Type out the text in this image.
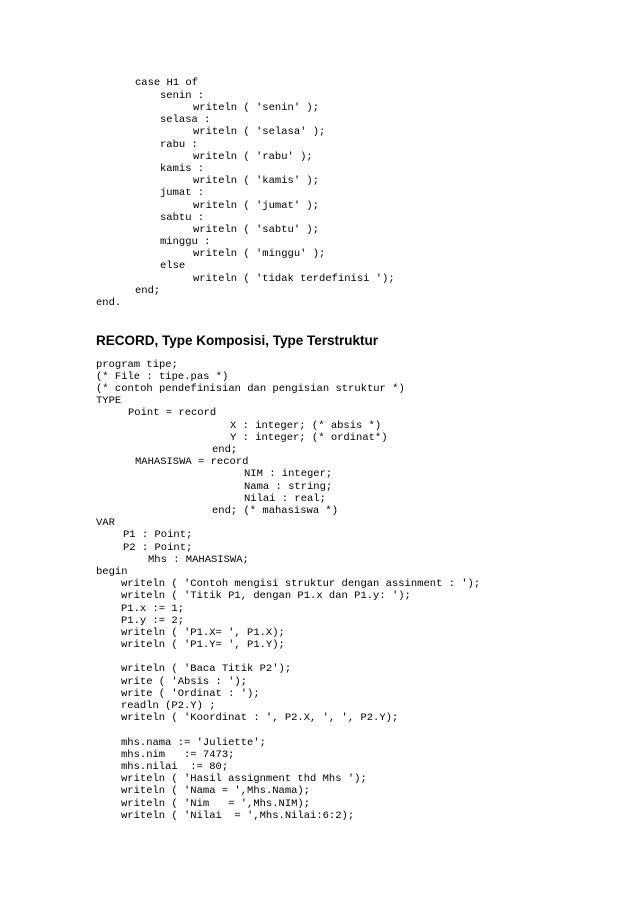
case H1 of
senin :
writeln ( 'senin' );
selasa :
writeln ( 'selasa' );
rabu :
writeln ( 'rabu' );
kamis :
writeln ( 'kamis' );
jumat :
writeln ( 'jumat' );
sabtu :
writeln ( 'sabtu' );
minggu :
writeln ( 'minggu' );
else
writeln ( 'tidak terdefinisi ');
end;
end.
RECORD, Type Komposisi, Type Terstruktur
program tipe;
(* File : tipe.pas *)
(* contoh pendefinisian dan pengisian struktur *)
TYPE
Point = record
X : integer; (* absis *)
Y : integer; (* ordinat*)
end;
MAHASISWA = record
NIM : integer;
Nama : string;
Nilai : real;
end; (* mahasiswa *)
VAR
P1 : Point;
P2 : Point;
Mhs : MAHASISWA;
begin
writeln ( 'Contoh mengisi struktur dengan assinment : ');
writeln ( 'Titik P1, dengan P1.x dan P1.y: ');
P1.x := 1;
P1.y := 2;
writeln ( 'P1.X= ', P1.X);
writeln ( 'P1.Y= ', P1.Y);
writeln ( 'Baca Titik P2');
write ( 'Absis : ');
write ( 'Ordinat : ');
readln (P2.Y) ;
writeln ( 'Koordinat : ', P2.X, ', ', P2.Y);
mhs.nama := 'Juliette';
mhs.nim   := 7473;
mhs.nilai  := 80;
writeln ( 'Hasil assignment thd Mhs ');
writeln ( 'Nama = ',Mhs.Nama);
writeln ( 'Nim   = ',Mhs.NIM);
writeln ( 'Nilai  = ',Mhs.Nilai:6:2);
